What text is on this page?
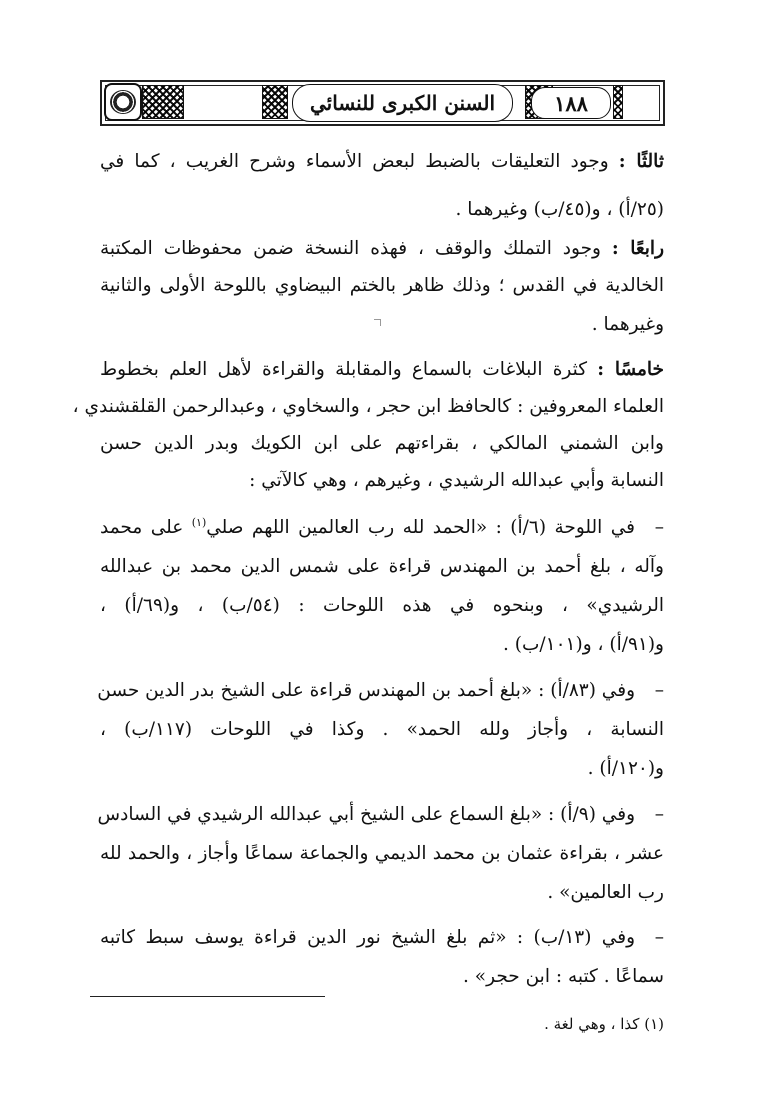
السنن الكبرى للنسائي	١٨٨
ثالثًا : وجود التعليقات بالضبط لبعض الأسماء وشرح الغريب ، كما في
(٢٥/أ) ، و(٤٥/ب) وغيرهما .
رابعًا : وجود التملك والوقف ، فهذه النسخة ضمن محفوظات المكتبة
الخالدية في القدس ؛ وذلك ظاهر بالختم البيضاوي باللوحة الأولى والثانية
وغيرهما .
خامسًا : كثرة البلاغات بالسماع والمقابلة والقراءة لأهل العلم بخطوط
العلماء المعروفين : كالحافظ ابن حجر ، والسخاوي ، وعبدالرحمن القلقشندي ،
وابن الشمني المالكي ، بقراءتهم على ابن الكويك وبدر الدين حسن
النسابة وأبي عبدالله الرشيدي ، وغيرهم ، وهي كالآتي :
–
في اللوحة (٦/أ) : «الحمد لله رب العالمين اللهم صلي$^{(١)}$ على محمد
وآله ، بلغ أحمد بن المهندس قراءة على شمس الدين محمد بن عبدالله
الرشيدي» ، وبنحوه في هذه اللوحات : (٥٤/ب) ، و(٦٩/أ) ،
و(٩١/أ) ، و(١٠١/ب) .
–
وفي (٨٣/أ) : «بلغ أحمد بن المهندس قراءة على الشيخ بدر الدين حسن
النسابة ، وأجاز ولله الحمد» . وكذا في اللوحات (١١٧/ب) ،
و(١٢٠/أ) .
–
وفي (٩/أ) : «بلغ السماع على الشيخ أبي عبدالله الرشيدي في السادس
عشر ، بقراءة عثمان بن محمد الديمي والجماعة سماعًا وأجاز ، والحمد لله
رب العالمين» .
–
وفي (١٣/ب) : «ثم بلغ الشيخ نور الدين قراءة يوسف سبط كاتبه
سماعًا . كتبه : ابن حجر» .
(١) كذا ، وهي لغة .
